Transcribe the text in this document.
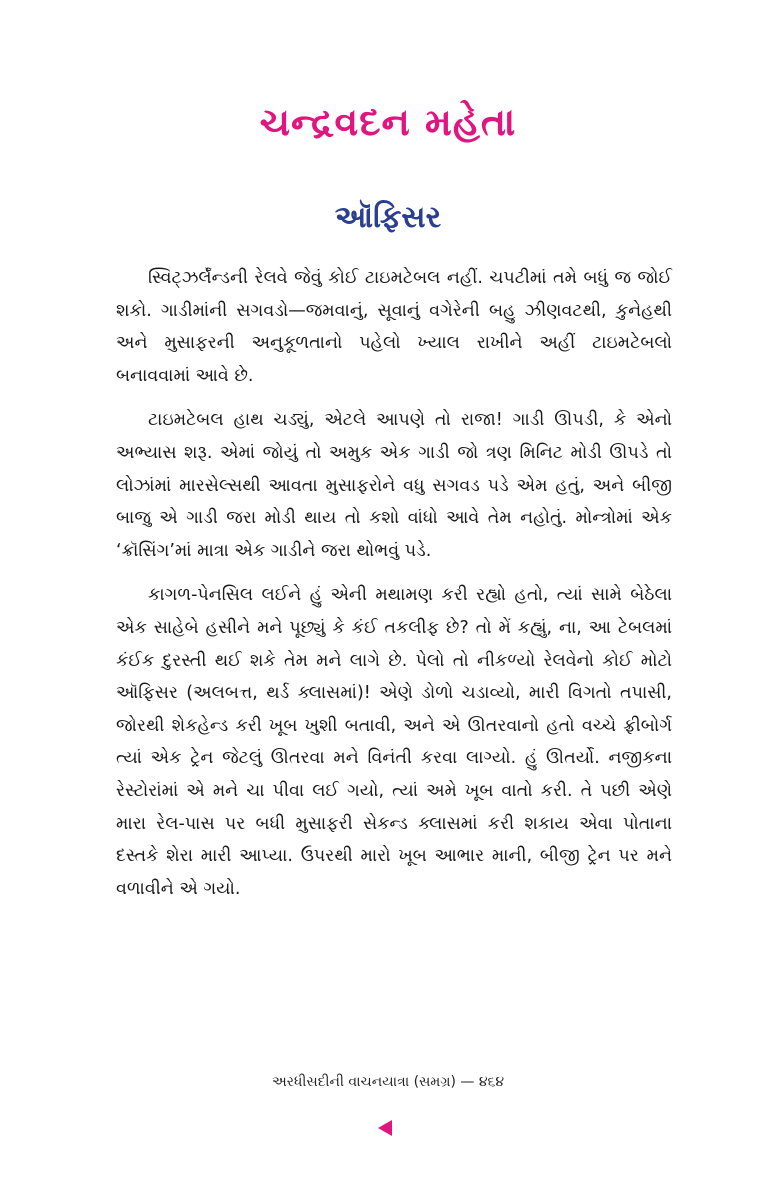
ચન્દ્રવદન મહેતા
ઑફિસર

સ્વિટ્ઝર્લૅન્ડની રેલવે જેવું કોઈ ટાઇમટેબલ નહીં. ચપટીમાં તમે બધું જ જોઈ શકો. ગાડીમાંની સગવડો—જમવાનું, સૂવાનું વગેરેની બહુ ઝીણવટથી, કુનેહથી અને મુસાફરની અનુકૂળતાનો પહેલો ખ્યાલ રાખીને અહીં ટાઇમટેબલો બનાવવામાં આવે છે.

ટાઇમટેબલ હાથ ચડ્યું, એટલે આપણે તો રાજા! ગાડી ઊપડી, કે એનો અભ્યાસ શરૂ. એમાં જોયું તો અમુક એક ગાડી જો ત્રણ મિનિટ મોડી ઊપડે તો લોઝાંમાં મારસેલ્સથી આવતા મુસાફરોને વધુ સગવડ પડે એમ હતું, અને બીજી બાજુ એ ગાડી જરા મોડી થાય તો કશો વાંધો આવે તેમ નહોતું. મોન્ત્રોમાં એક ‘ક્રૉસિંગ’માં માત્રા એક ગાડીને જરા થોભવું પડે.

કાગળ-પેનસિલ લઈને હું એની મથામણ કરી રહ્યો હતો, ત્યાં સામે બેઠેલા એક સાહેબે હસીને મને પૂછ્યું કે કંઈ તકલીફ છે? તો મેં કહ્યું, ના, આ ટેબલમાં કંઈક દુરસ્તી થઈ શકે તેમ મને લાગે છે. પેલો તો નીકળ્યો રેલવેનો કોઈ મોટો ઑફિસર (અલબત્ત, થર્ડ ક્લાસમાં)! એણે ડોળો ચડાવ્યો, મારી વિગતો તપાસી, જોરથી શેકહેન્ડ કરી ખૂબ ખુશી બતાવી, અને એ ઊતરવાનો હતો વચ્ચે ફ્રીબોર્ગ ત્યાં એક ટ્રેન જેટલું ઊતરવા મને વિનંતી કરવા લાગ્યો. હું ઊતર્યો. નજીકના રેસ્ટોરાંમાં એ મને ચા પીવા લઈ ગયો, ત્યાં અમે ખૂબ વાતો કરી. તે પછી એણે મારા રેલ-પાસ પર બધી મુસાફરી સેકન્ડ ક્લાસમાં કરી શકાય એવા પોતાના દસ્તકે શેરા મારી આપ્યા. ઉપરથી મારો ખૂબ આભાર માની, બીજી ટ્રેન પર મને વળાવીને એ ગયો.

અરધીસદીની વાચનયાત્રા (સમગ્ર) — ૪૬૪
